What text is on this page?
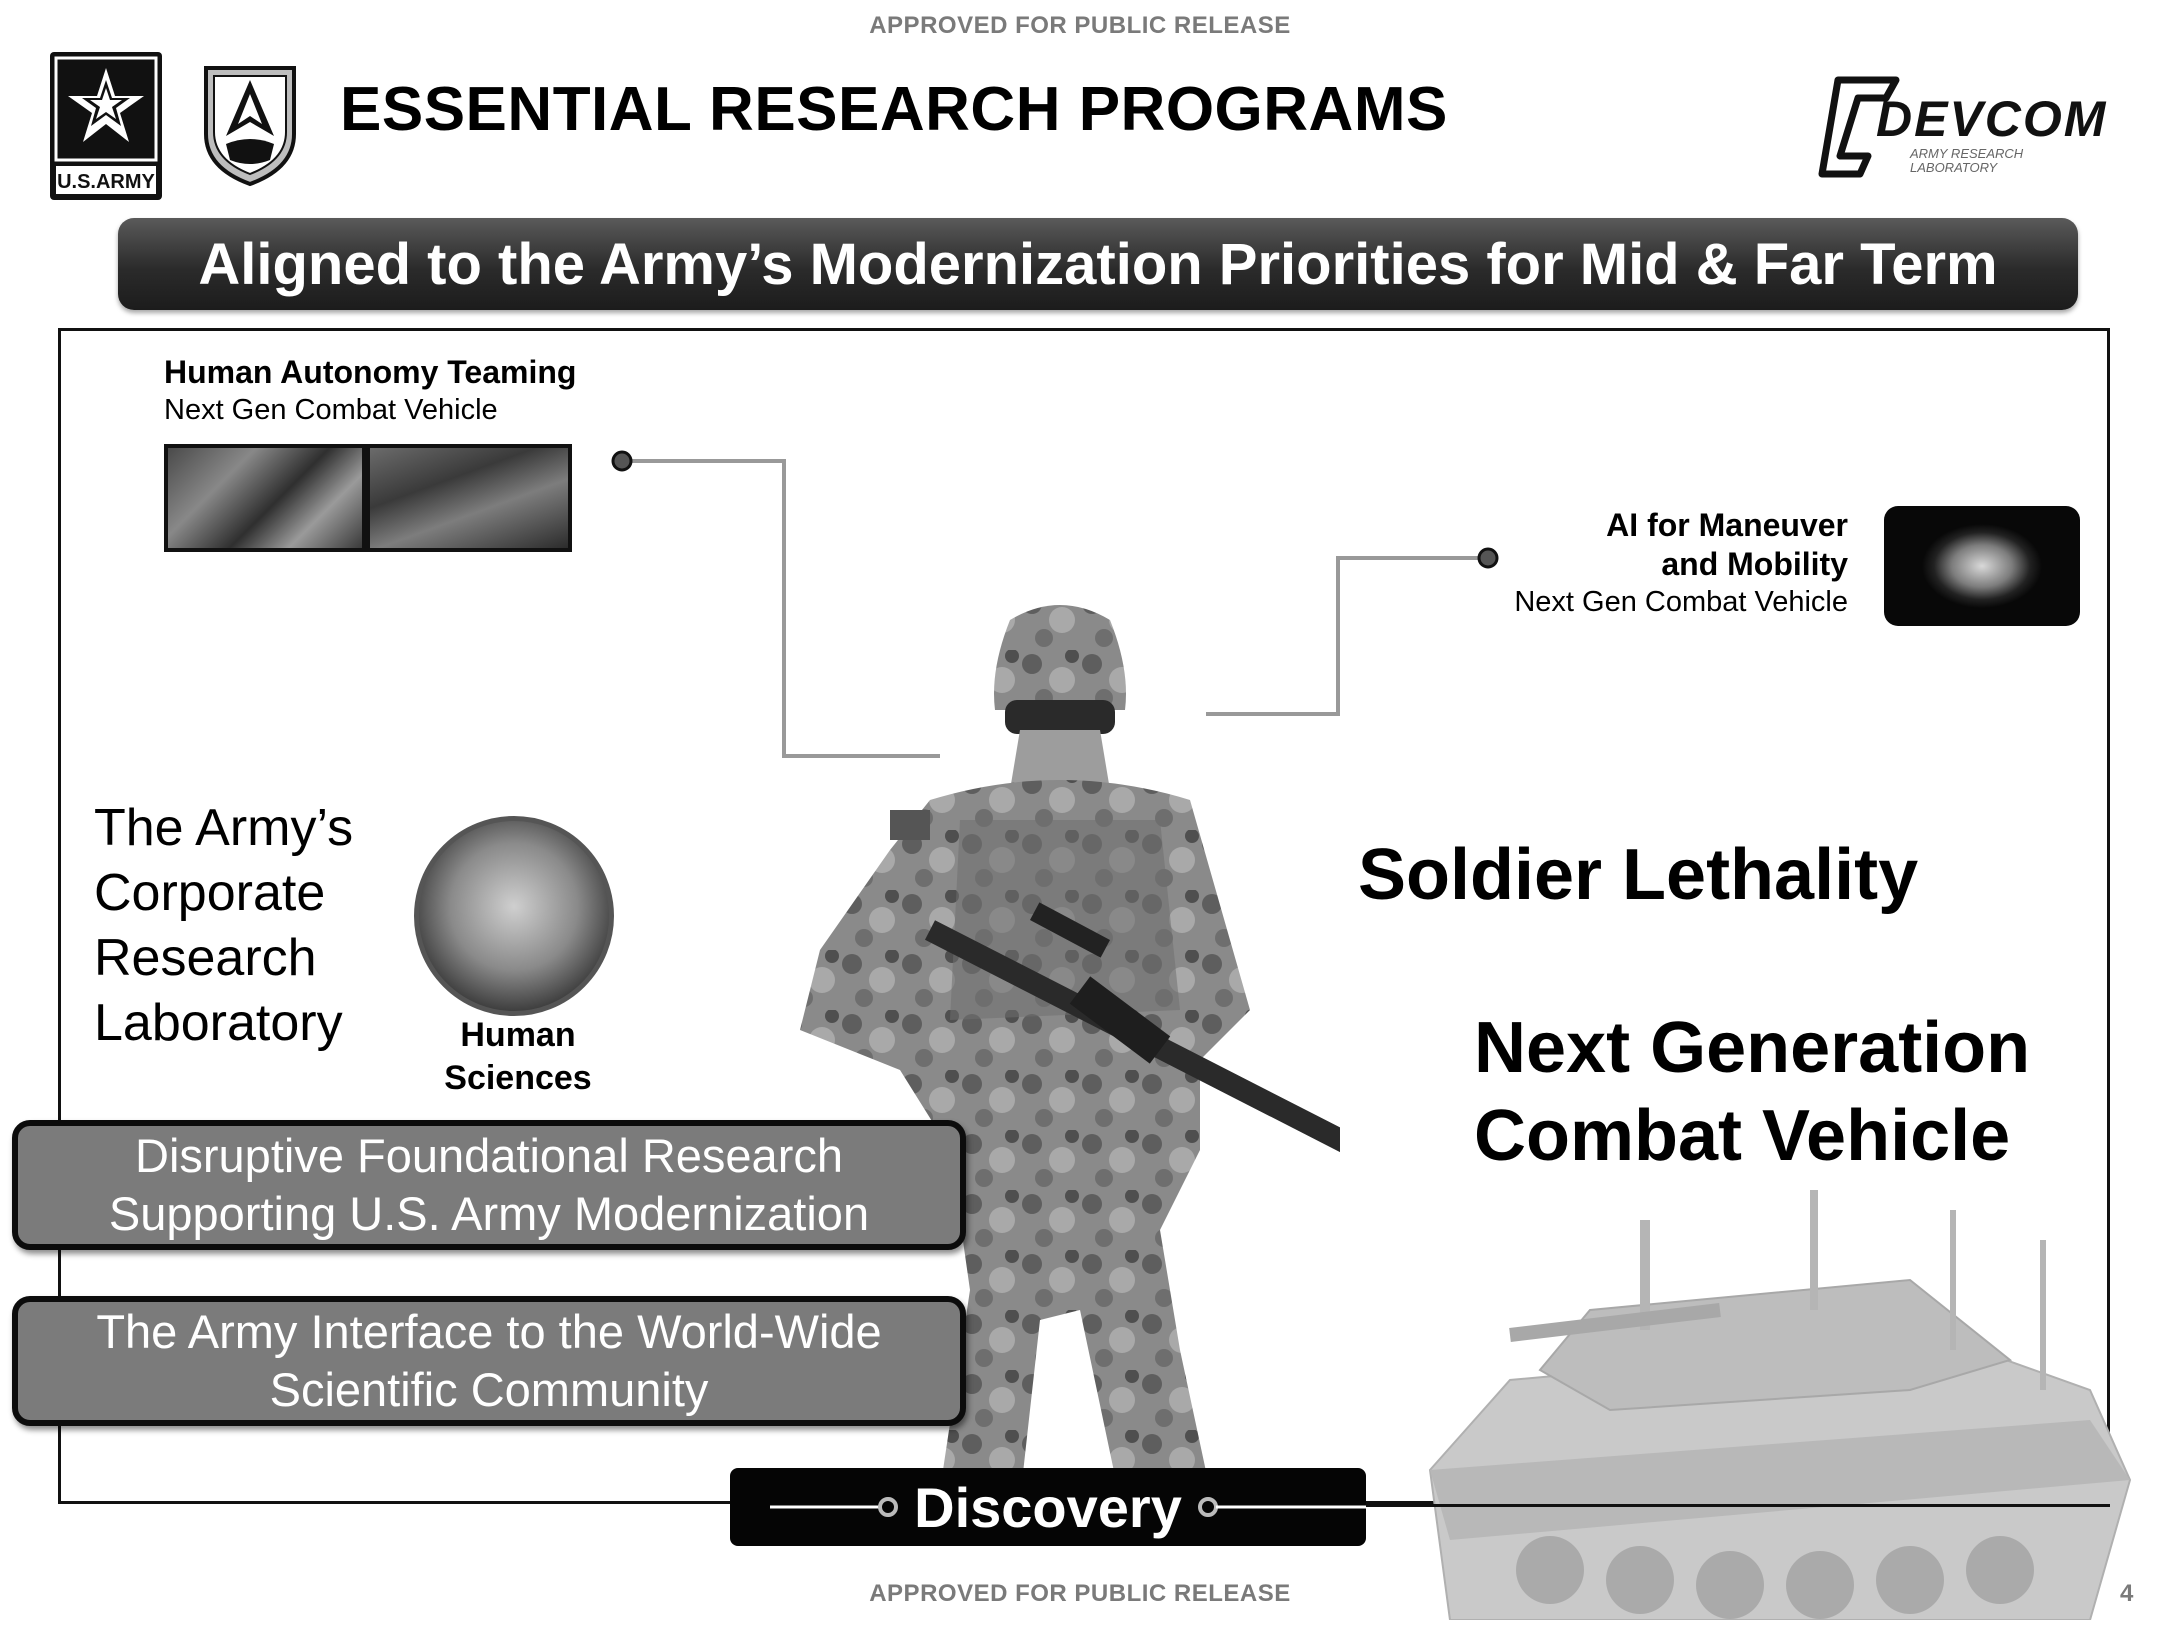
APPROVED FOR PUBLIC RELEASE
U.S.ARMY
ESSENTIAL RESEARCH PROGRAMS	DEVCOM
ARMY RESEARCH
LABORATORY
Aligned to the Army’s Modernization Priorities for Mid & Far Term
Human Autonomy Teaming
Next Gen Combat Vehicle
AI for Maneuver
and Mobility
Next Gen Combat Vehicle
The Army’s
Corporate
Research
Laboratory	Human
Sciences
Soldier Lethality
Next Generation
Combat Vehicle
Disruptive Foundational Research
Supporting U.S. Army Modernization
The Army Interface to the World-Wide
Scientific Community
Discovery
APPROVED FOR PUBLIC RELEASE	4
